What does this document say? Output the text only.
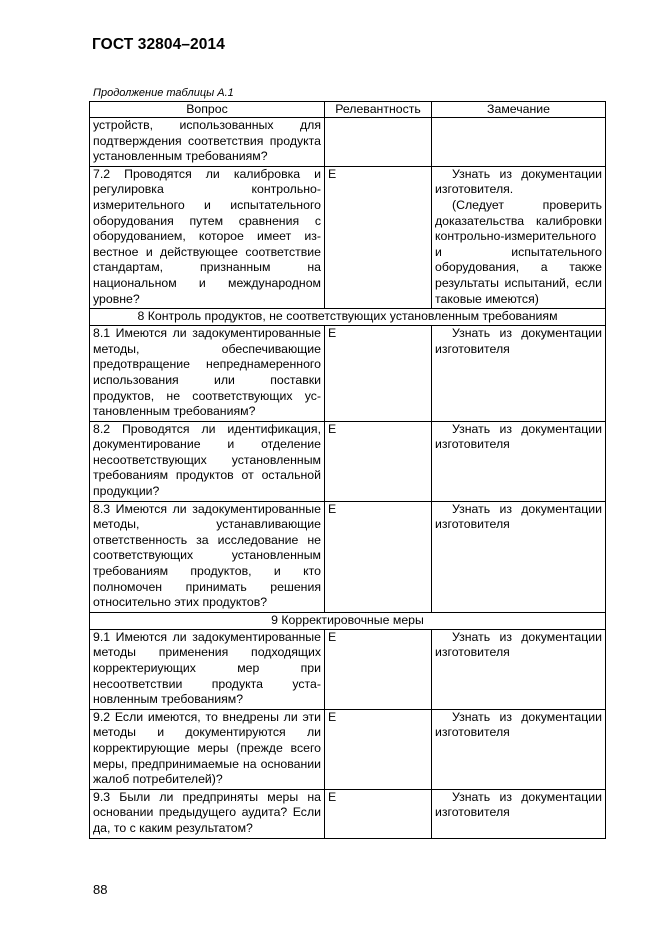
ГОСТ 32804–2014
Продолжение таблицы А.1
Вопрос	Релевантность	Замечание
устройств, использованных для подтверждения соответствия продукта установленным требованиям?		
7.2 Проводятся ли калибровка и регулировка контрольно-измерительного и испытательного оборудования путем сравнения с оборудованием, которое имеет известное и действующее соответствие стандартам, признанным на национальном и международном уровне?	Е	Узнать из документации изготовителя.

(Следует проверить доказательства калибровки контрольно-измерительного и испытательного оборудования, а также результаты испытаний, если таковые имеются)

8 Контроль продуктов, не соответствующих установленным требованиям		
8.1 Имеются ли задокументированные методы, обеспечивающие предотвращение непреднамеренного использования или поставки продуктов, не соответствующих установленным требованиям?	Е	Узнать из документации изготовителя

8.2 Проводятся ли идентификация, документирование и отделение несоответствующих установленным требованиям продуктов от остальной продукции?	Е	Узнать из документации изготовителя

8.3 Имеются ли задокументированные методы, устанавливающие ответственность за исследование не соответствующих установленным требованиям продуктов, и кто полномочен принимать решения относительно этих продуктов?	Е	Узнать из документации изготовителя

9 Корректировочные меры		
9.1 Имеются ли задокументированные методы применения подходящих корректериующих мер при несоответствии продукта установленным требованиям?	Е	Узнать из документации изготовителя

9.2 Если имеются, то внедрены ли эти методы и документируются ли корректирующие меры (прежде всего меры, предпринимаемые на основании жалоб потребителей)?	Е	Узнать из документации изготовителя

9.3 Были ли предприняты меры на основании предыдущего аудита? Если да, то с каким результатом?	Е	Узнать из документации изготовителя

88
